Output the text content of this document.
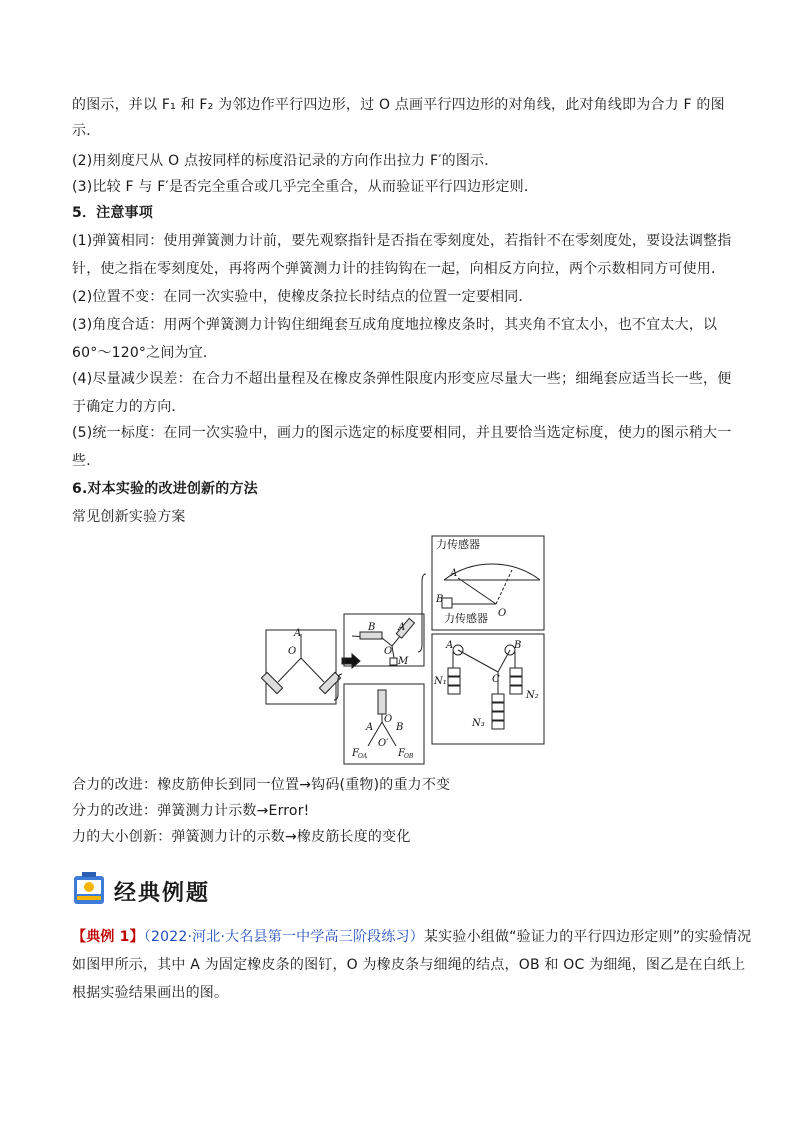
的图示，并以 F₁ 和 F₂ 为邻边作平行四边形，过 O 点画平行四边形的对角线，此对角线即为合力 F 的图
示．
(2)用刻度尺从 O 点按同样的标度沿记录的方向作出拉力 F′的图示．
(3)比较 F 与 F′是否完全重合或几乎完全重合，从而验证平行四边形定则．
5．注意事项
(1)弹簧相同：使用弹簧测力计前，要先观察指针是否指在零刻度处，若指针不在零刻度处，要设法调整指
针，使之指在零刻度处，再将两个弹簧测力计的挂钩钩在一起，向相反方向拉，两个示数相同方可使用．
(2)位置不变：在同一次实验中，使橡皮条拉长时结点的位置一定要相同．
(3)角度合适：用两个弹簧测力计钩住细绳套互成角度地拉橡皮条时，其夹角不宜太小，也不宜太大，以
60°～120°之间为宜．
(4)尽量减少误差：在合力不超出量程及在橡皮条弹性限度内形变应尽量大一些；细绳套应适当长一些，便
于确定力的方向．
(5)统一标度：在同一次实验中，画力的图示选定的标度要相同，并且要恰当选定标度，使力的图示稍大一
些．
6.对本实验的改进创新的方法
常见创新实验方案
A
O
B A
O
M
O
A B
O′
F	F
A
B
O
A	B
C
N₁
N₂
N₃
OA	OB
力传感器
力传感器
合力的改进：橡皮筋伸长到同一位置→钩码(重物)的重力不变
分力的改进：弹簧测力计示数→Error!
力的大小创新：弹簧测力计的示数→橡皮筋长度的变化
经典例题
【典例 1】（2022·河北·大名县第一中学高三阶段练习）某实验小组做“验证力的平行四边形定则”的实验情况
如图甲所示，其中 A 为固定橡皮条的图钉，O 为橡皮条与细绳的结点，OB 和 OC 为细绳，图乙是在白纸上
根据实验结果画出的图。
